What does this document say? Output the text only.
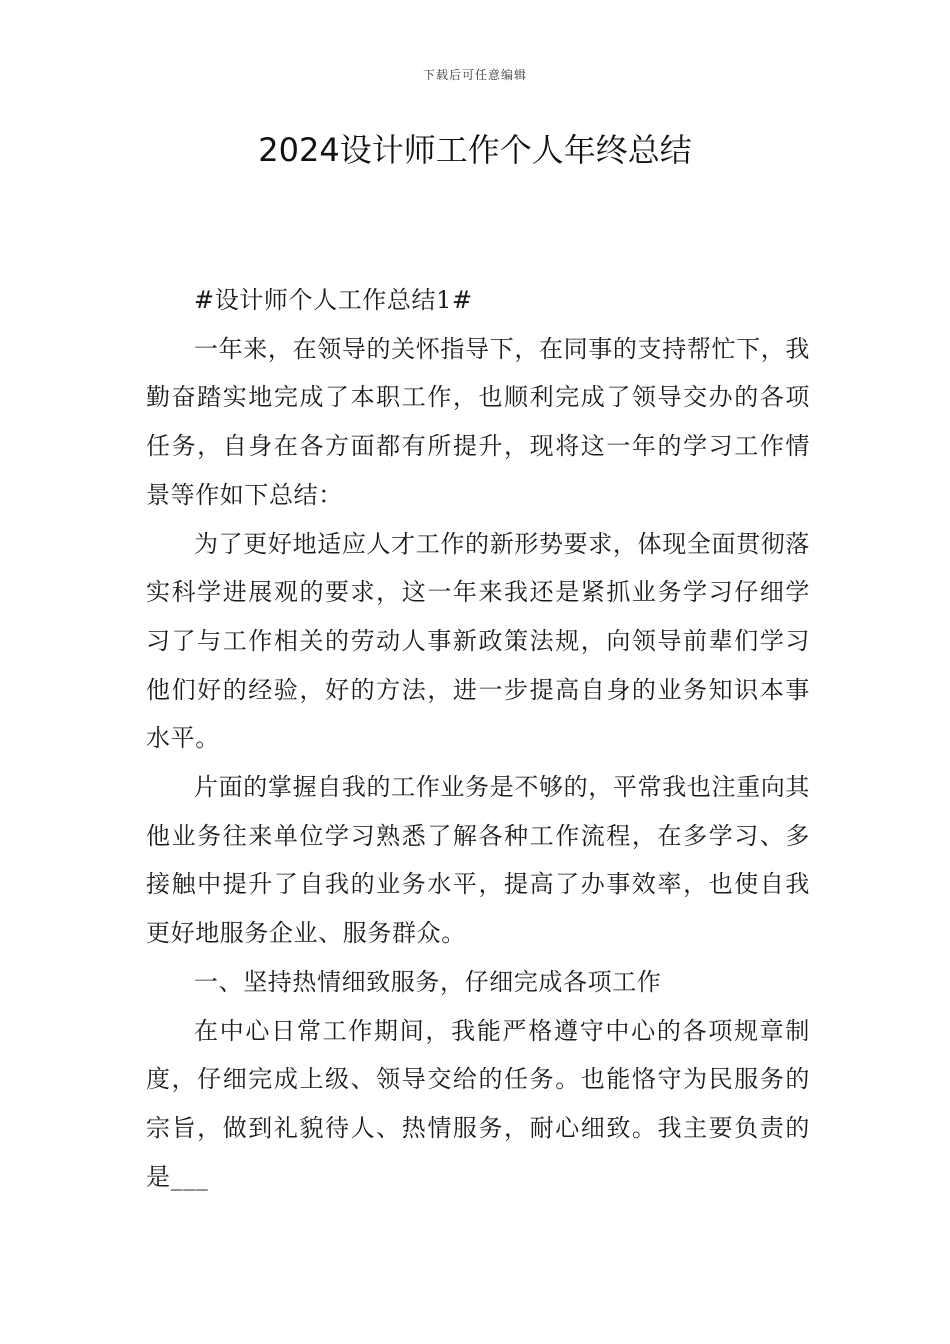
下载后可任意编辑
2024设计师工作个人年终总结

#设计师个人工作总结1#

一年来，在领导的关怀指导下，在同事的支持帮忙下，我勤奋踏实地完成了本职工作，也顺利完成了领导交办的各项任务，自身在各方面都有所提升，现将这一年的学习工作情景等作如下总结：

为了更好地适应人才工作的新形势要求，体现全面贯彻落实科学进展观的要求，这一年来我还是紧抓业务学习仔细学习了与工作相关的劳动人事新政策法规，向领导前辈们学习他们好的经验，好的方法，进一步提高自身的业务知识本事水平。

片面的掌握自我的工作业务是不够的，平常我也注重向其他业务往来单位学习熟悉了解各种工作流程，在多学习、多接触中提升了自我的业务水平，提高了办事效率，也使自我更好地服务企业、服务群众。

一、坚持热情细致服务，仔细完成各项工作

在中心日常工作期间，我能严格遵守中心的各项规章制度，仔细完成上级、领导交给的任务。也能恪守为民服务的宗旨，做到礼貌待人、热情服务，耐心细致。我主要负责的是___
